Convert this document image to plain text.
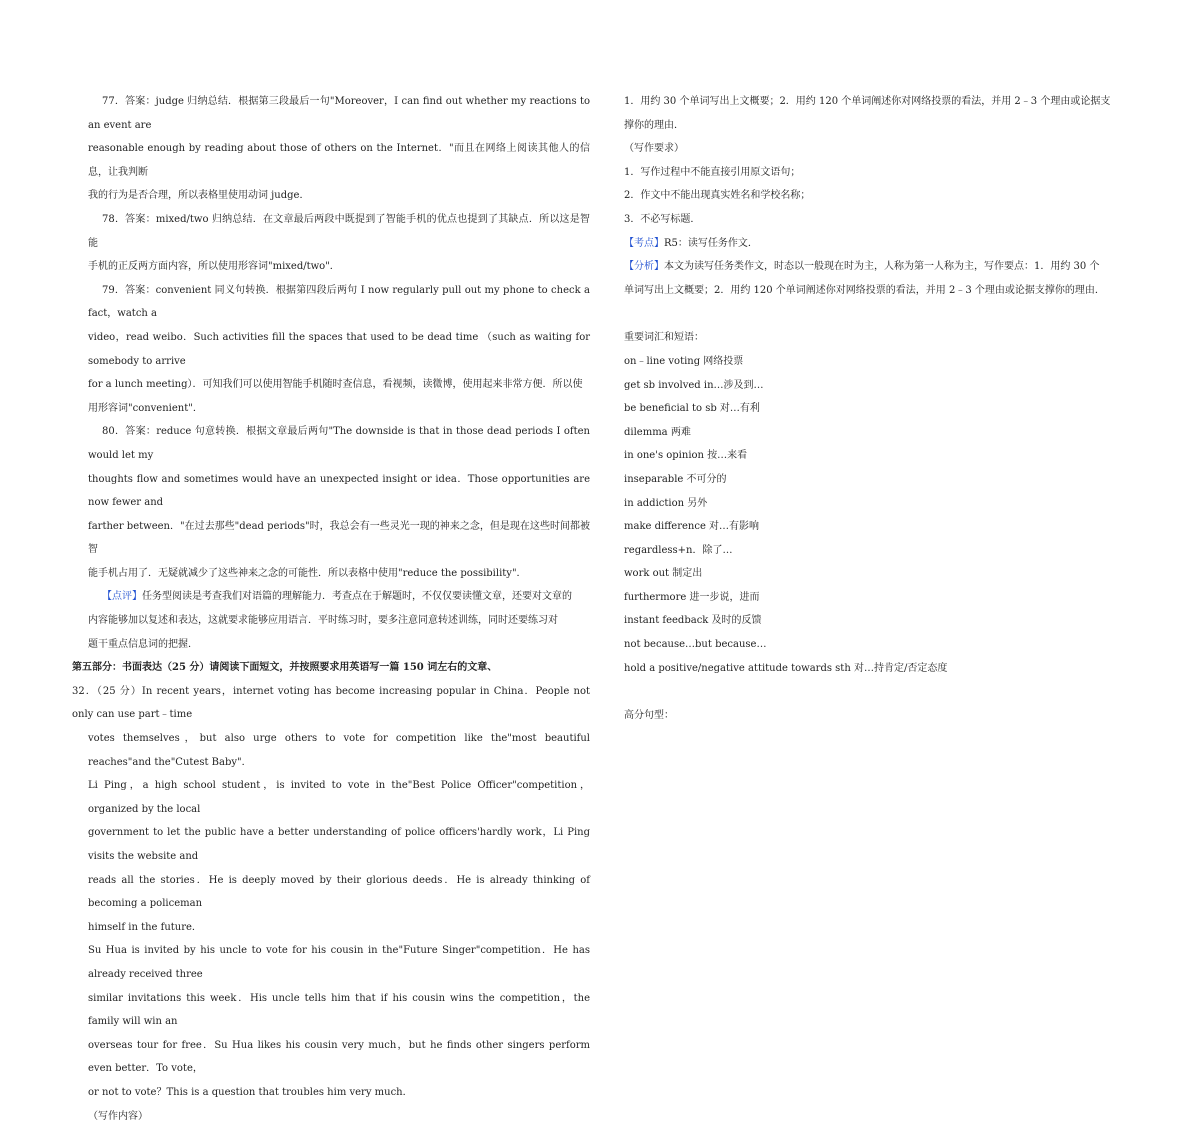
77．答案：judge 归纳总结．根据第三段最后一句"Moreover，I can find out whether my reactions to an event are

reasonable enough by reading about those of others on the Internet．"而且在网络上阅读其他人的信息，让我判断

我的行为是否合理，所以表格里使用动词 judge．

78．答案：mixed/two 归纳总结．在文章最后两段中既提到了智能手机的优点也提到了其缺点．所以这是智能

手机的正反两方面内容，所以使用形容词"mixed/two"．

79．答案：convenient 同义句转换．根据第四段后两句 I now regularly pull out my phone to check a fact，watch a

video，read weibo．Such activities fill the spaces that used to be dead time （such as waiting for somebody to arrive

for a lunch meeting）．可知我们可以使用智能手机随时查信息，看视频，读微博，使用起来非常方便．所以使

用形容词"convenient"．

80．答案：reduce 句意转换．根据文章最后两句"The downside is that in those dead periods I often would let my

thoughts flow and sometimes would have an unexpected insight or idea．Those opportunities are now fewer and

farther between．"在过去那些"dead periods"时，我总会有一些灵光一现的神来之念，但是现在这些时间都被智

能手机占用了．无疑就减少了这些神来之念的可能性．所以表格中使用"reduce the possibility"．

【点评】任务型阅读是考查我们对语篇的理解能力．考查点在于解题时，不仅仅要读懂文章，还要对文章的

内容能够加以复述和表达，这就要求能够应用语言．平时练习时，要多注意同意转述训练，同时还要练习对

题干重点信息词的把握．

第五部分：书面表达（25 分）请阅读下面短文，并按照要求用英语写一篇 150 词左右的文章、

32．（25 分）In recent years，internet voting has become increasing popular in China．People not only can use part﹣time

votes themselves，but also urge others to vote for competition like the"most beautiful reaches"and the"Cutest Baby"．

Li Ping，a high school student，is invited to vote in the"Best Police Officer"competition，organized by the local

government to let the public have a better understanding of police officers'hardly work，Li Ping visits the website and

reads all the stories．He is deeply moved by their glorious deeds．He is already thinking of becoming a policeman

himself in the future．

Su Hua is invited by his uncle to vote for his cousin in the"Future Singer"competition．He has already received three

similar invitations this week．His uncle tells him that if his cousin wins the competition，the family will win an

overseas tour for free．Su Hua likes his cousin very much，but he finds other singers perform even better．To vote，

or not to vote？This is a question that troubles him very much．

（写作内容）

1．用约 30 个单词写出上文概要；2．用约 120 个单词阐述你对网络投票的看法，并用 2﹣3 个理由或论据支

撑你的理由．

（写作要求）

1．写作过程中不能直接引用原文语句；

2．作文中不能出现真实姓名和学校名称；

3．不必写标题．

【考点】R5：读写任务作文．

【分析】本文为读写任务类作文，时态以一般现在时为主，人称为第一人称为主，写作要点：1．用约 30 个

单词写出上文概要；2．用约 120 个单词阐述你对网络投票的看法，并用 2﹣3 个理由或论据支撑你的理由．

重要词汇和短语：

on﹣line voting 网络投票

get sb involved in…涉及到…

be beneficial to sb 对…有利

dilemma 两难

in one's opinion 按…来看

inseparable 不可分的

in addiction 另外

make difference 对…有影响

regardless+n．除了…

work out 制定出

furthermore 进一步说，进而

instant feedback 及时的反馈

not because…but because…

hold a positive/negative attitude towards sth 对…持肯定/否定态度

高分句型：
